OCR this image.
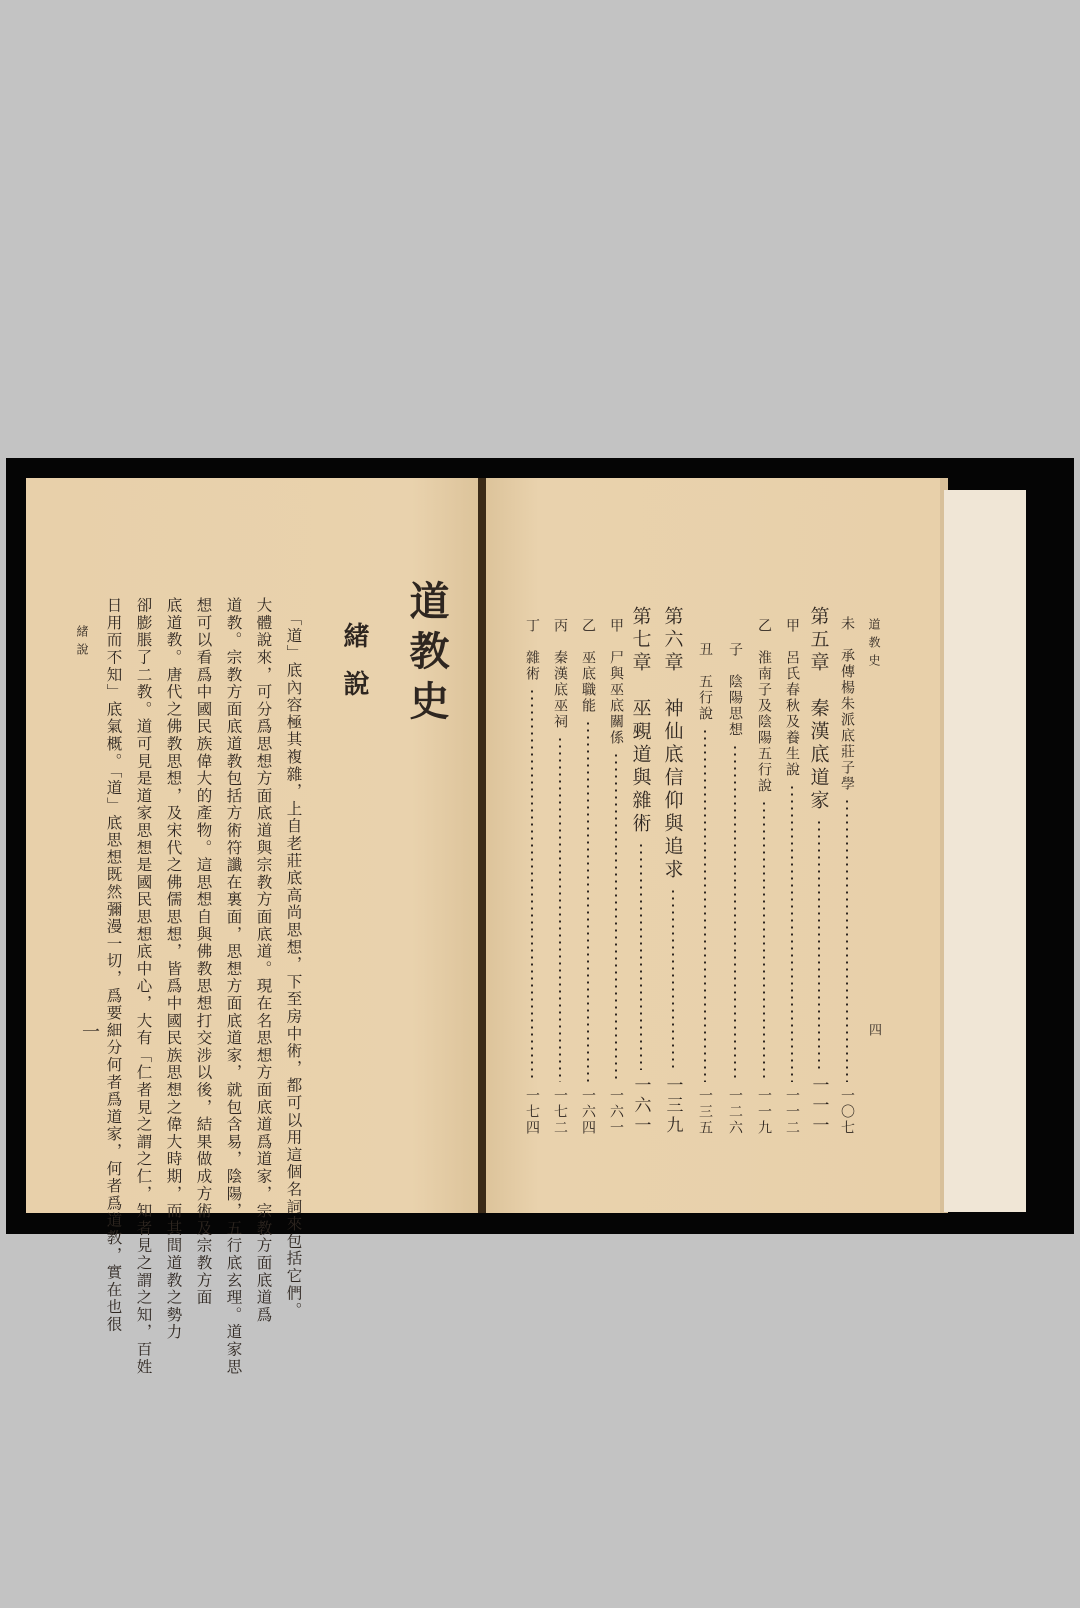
道教史
緒說
「道」底內容極其複雜，上自老莊底高尚思想，下至房中術，都可以用這個名詞來包括它們。
大體說來，可分爲思想方面底道與宗教方面底道。現在名思想方面底道爲道家，宗教方面底道爲
道教。宗教方面底道教包括方術符讖在裏面，思想方面底道家，就包含易，陰陽，五行底玄理。道家思
想可以看爲中國民族偉大的產物。這思想自與佛教思想打交涉以後，結果做成方術及宗教方面
底道教。唐代之佛教思想，及宋代之佛儒思想，皆爲中國民族思想之偉大時期，而其間道教之勢力
卻膨脹了二教。道可見是道家思想是國民思想底中心，大有「仁者見之謂之仁，知者見之謂之知，百姓
日用而不知」底氣概。「道」底思想既然彌漫一切，爲要細分何者爲道家，何者爲道教，實在也很
緒說
一
道教史
四
未　承傳楊朱派底莊子學
一〇七
第五章　秦漢底道家
一一一
甲　呂氏春秋及養生說
一一二
乙　淮南子及陰陽五行說
一一九
子　陰陽思想
一二六
丑　五行說
一三五
第六章　神仙底信仰與追求
一三九
第七章　巫覡道與雜術
一六一
甲　尸與巫底關係
一六一
乙　巫底職能
一六四
丙　秦漢底巫祠
一七二
丁　雜術
一七四
